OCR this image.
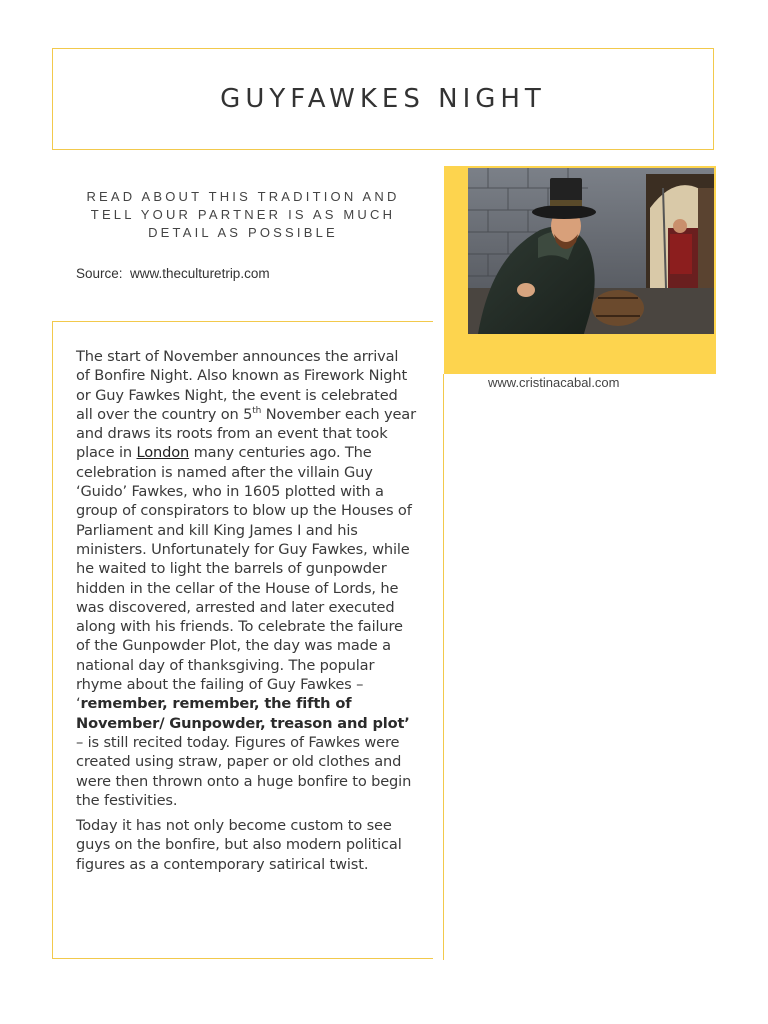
GUYFAWKES NIGHT
READ ABOUT THIS TRADITION AND TELL YOUR PARTNER IS AS MUCH DETAIL AS POSSIBLE
Source:  www.theculturetrip.com
www.cristinacabal.com

The start of November announces the arrival of Bonfire Night. Also known as Firework Night or Guy Fawkes Night, the event is celebrated all over the country on 5th November each year and draws its roots from an event that took place in London many centuries ago. The celebration is named after the villain Guy ‘Guido’ Fawkes, who in 1605 plotted with a group of conspirators to blow up the Houses of Parliament and kill King James I and his ministers. Unfortunately for Guy Fawkes, while he waited to light the barrels of gunpowder hidden in the cellar of the House of Lords, he was discovered, arrested and later executed along with his friends. To celebrate the failure of the Gunpowder Plot, the day was made a national day of thanksgiving. The popular rhyme about the failing of Guy Fawkes – ‘remember, remember, the fifth of November/ Gunpowder, treason and plot’ – is still recited today. Figures of Fawkes were created using straw, paper or old clothes and were then thrown onto a huge bonfire to begin the festivities.

Today it has not only become custom to see guys on the bonfire, but also modern political figures as a contemporary satirical twist.
